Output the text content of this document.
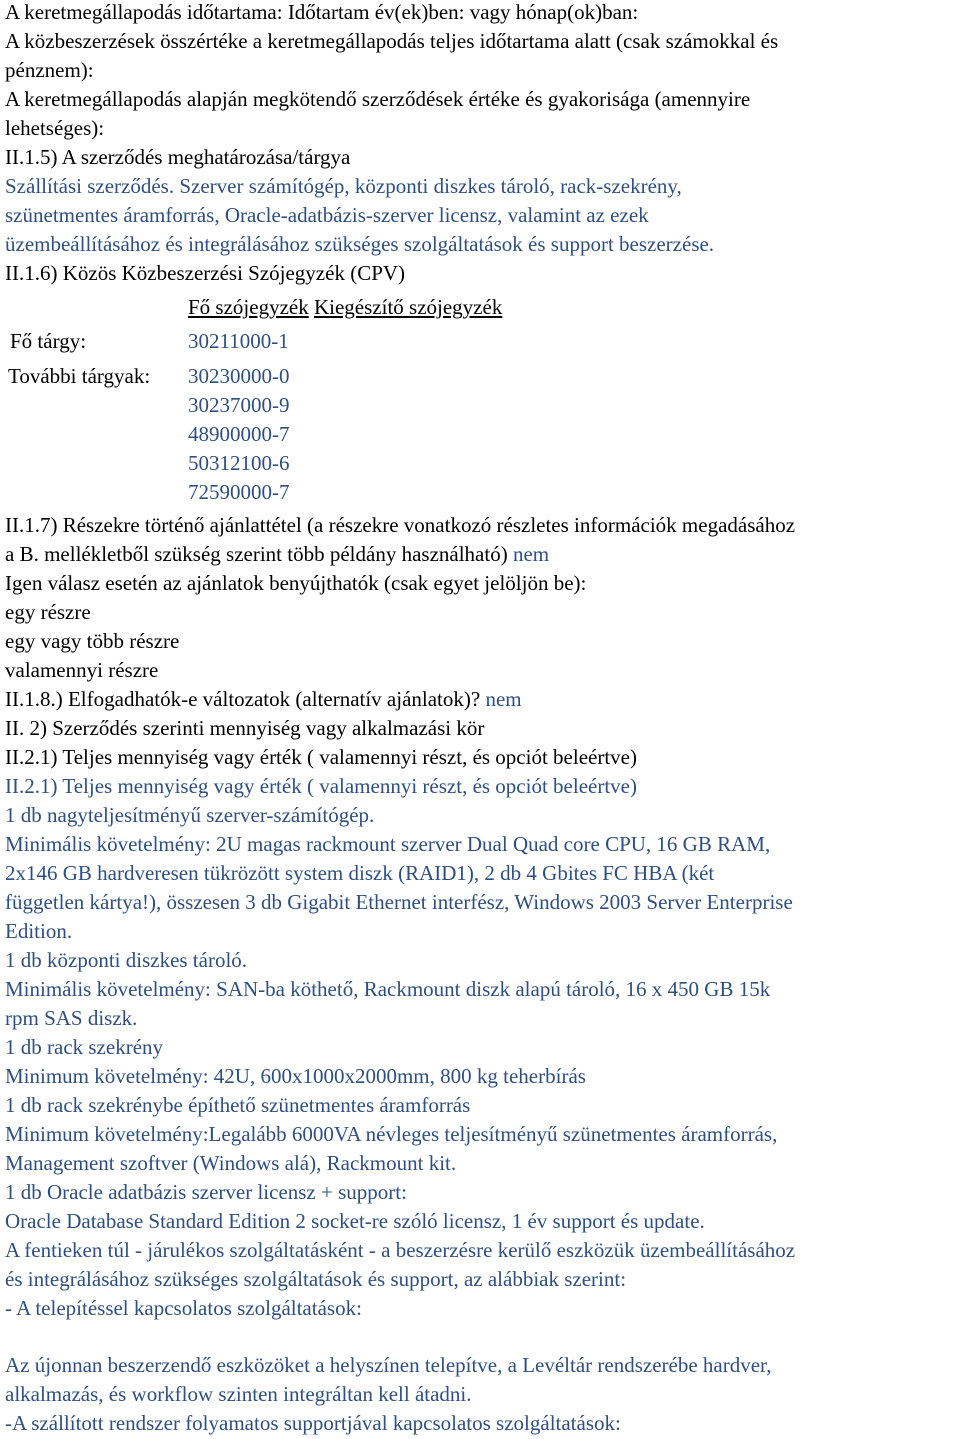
A keretmegállapodás időtartama: Időtartam év(ek)ben: vagy hónap(ok)ban:
A közbeszerzések összértéke a keretmegállapodás teljes időtartama alatt (csak számokkal és
pénznem):
A keretmegállapodás alapján megkötendő szerződések értéke és gyakorisága (amennyire
lehetséges):
II.1.5) A szerződés meghatározása/tárgya
Szállítási szerződés. Szerver számítógép, központi diszkes tároló, rack-szekrény,
szünetmentes áramforrás, Oracle-adatbázis-szerver licensz, valamint az ezek
üzembeállításához és integrálásához szükséges szolgáltatások és support beszerzése.
II.1.6) Közös Közbeszerzési Szójegyzék (CPV)
Fő szójegyzék Kiegészítő szójegyzék
Fő tárgy:	30211000-1
További tárgyak: 30230000-0
30237000-9
48900000-7
50312100-6
72590000-7
II.1.7) Részekre történő ajánlattétel (a részekre vonatkozó részletes információk megadásához
a B. mellékletből szükség szerint több példány használható) nem
Igen válasz esetén az ajánlatok benyújthatók (csak egyet jelöljön be):
egy részre
egy vagy több részre
valamennyi részre
II.1.8.) Elfogadhatók-e változatok (alternatív ajánlatok)? nem
II. 2) Szerződés szerinti mennyiség vagy alkalmazási kör
II.2.1) Teljes mennyiség vagy érték ( valamennyi részt, és opciót beleértve)
II.2.1) Teljes mennyiség vagy érték ( valamennyi részt, és opciót beleértve)
1 db nagyteljesítményű szerver-számítógép.
Minimális követelmény: 2U magas rackmount szerver Dual Quad core CPU, 16 GB RAM,
2x146 GB hardveresen tükrözött system diszk (RAID1), 2 db 4 Gbites FC HBA (két
független kártya!), összesen 3 db Gigabit Ethernet interfész, Windows 2003 Server Enterprise
Edition.
1 db központi diszkes tároló.
Minimális követelmény: SAN-ba köthető, Rackmount diszk alapú tároló, 16 x 450 GB 15k
rpm SAS diszk.
1 db rack szekrény
Minimum követelmény: 42U, 600x1000x2000mm, 800 kg teherbírás
1 db rack szekrénybe építhető szünetmentes áramforrás
Minimum követelmény:Legalább 6000VA névleges teljesítményű szünetmentes áramforrás,
Management szoftver (Windows alá), Rackmount kit.
1 db Oracle adatbázis szerver licensz + support:
Oracle Database Standard Edition 2 socket-re szóló licensz, 1 év support és update.
A fentieken túl - járulékos szolgáltatásként - a beszerzésre kerülő eszközük üzembeállításához
és integrálásához szükséges szolgáltatások és support, az alábbiak szerint:
- A telepítéssel kapcsolatos szolgáltatások:
Az újonnan beszerzendő eszközöket a helyszínen telepítve, a Levéltár rendszerébe hardver,
alkalmazás, és workflow szinten integráltan kell átadni.
-A szállított rendszer folyamatos supportjával kapcsolatos szolgáltatások:
